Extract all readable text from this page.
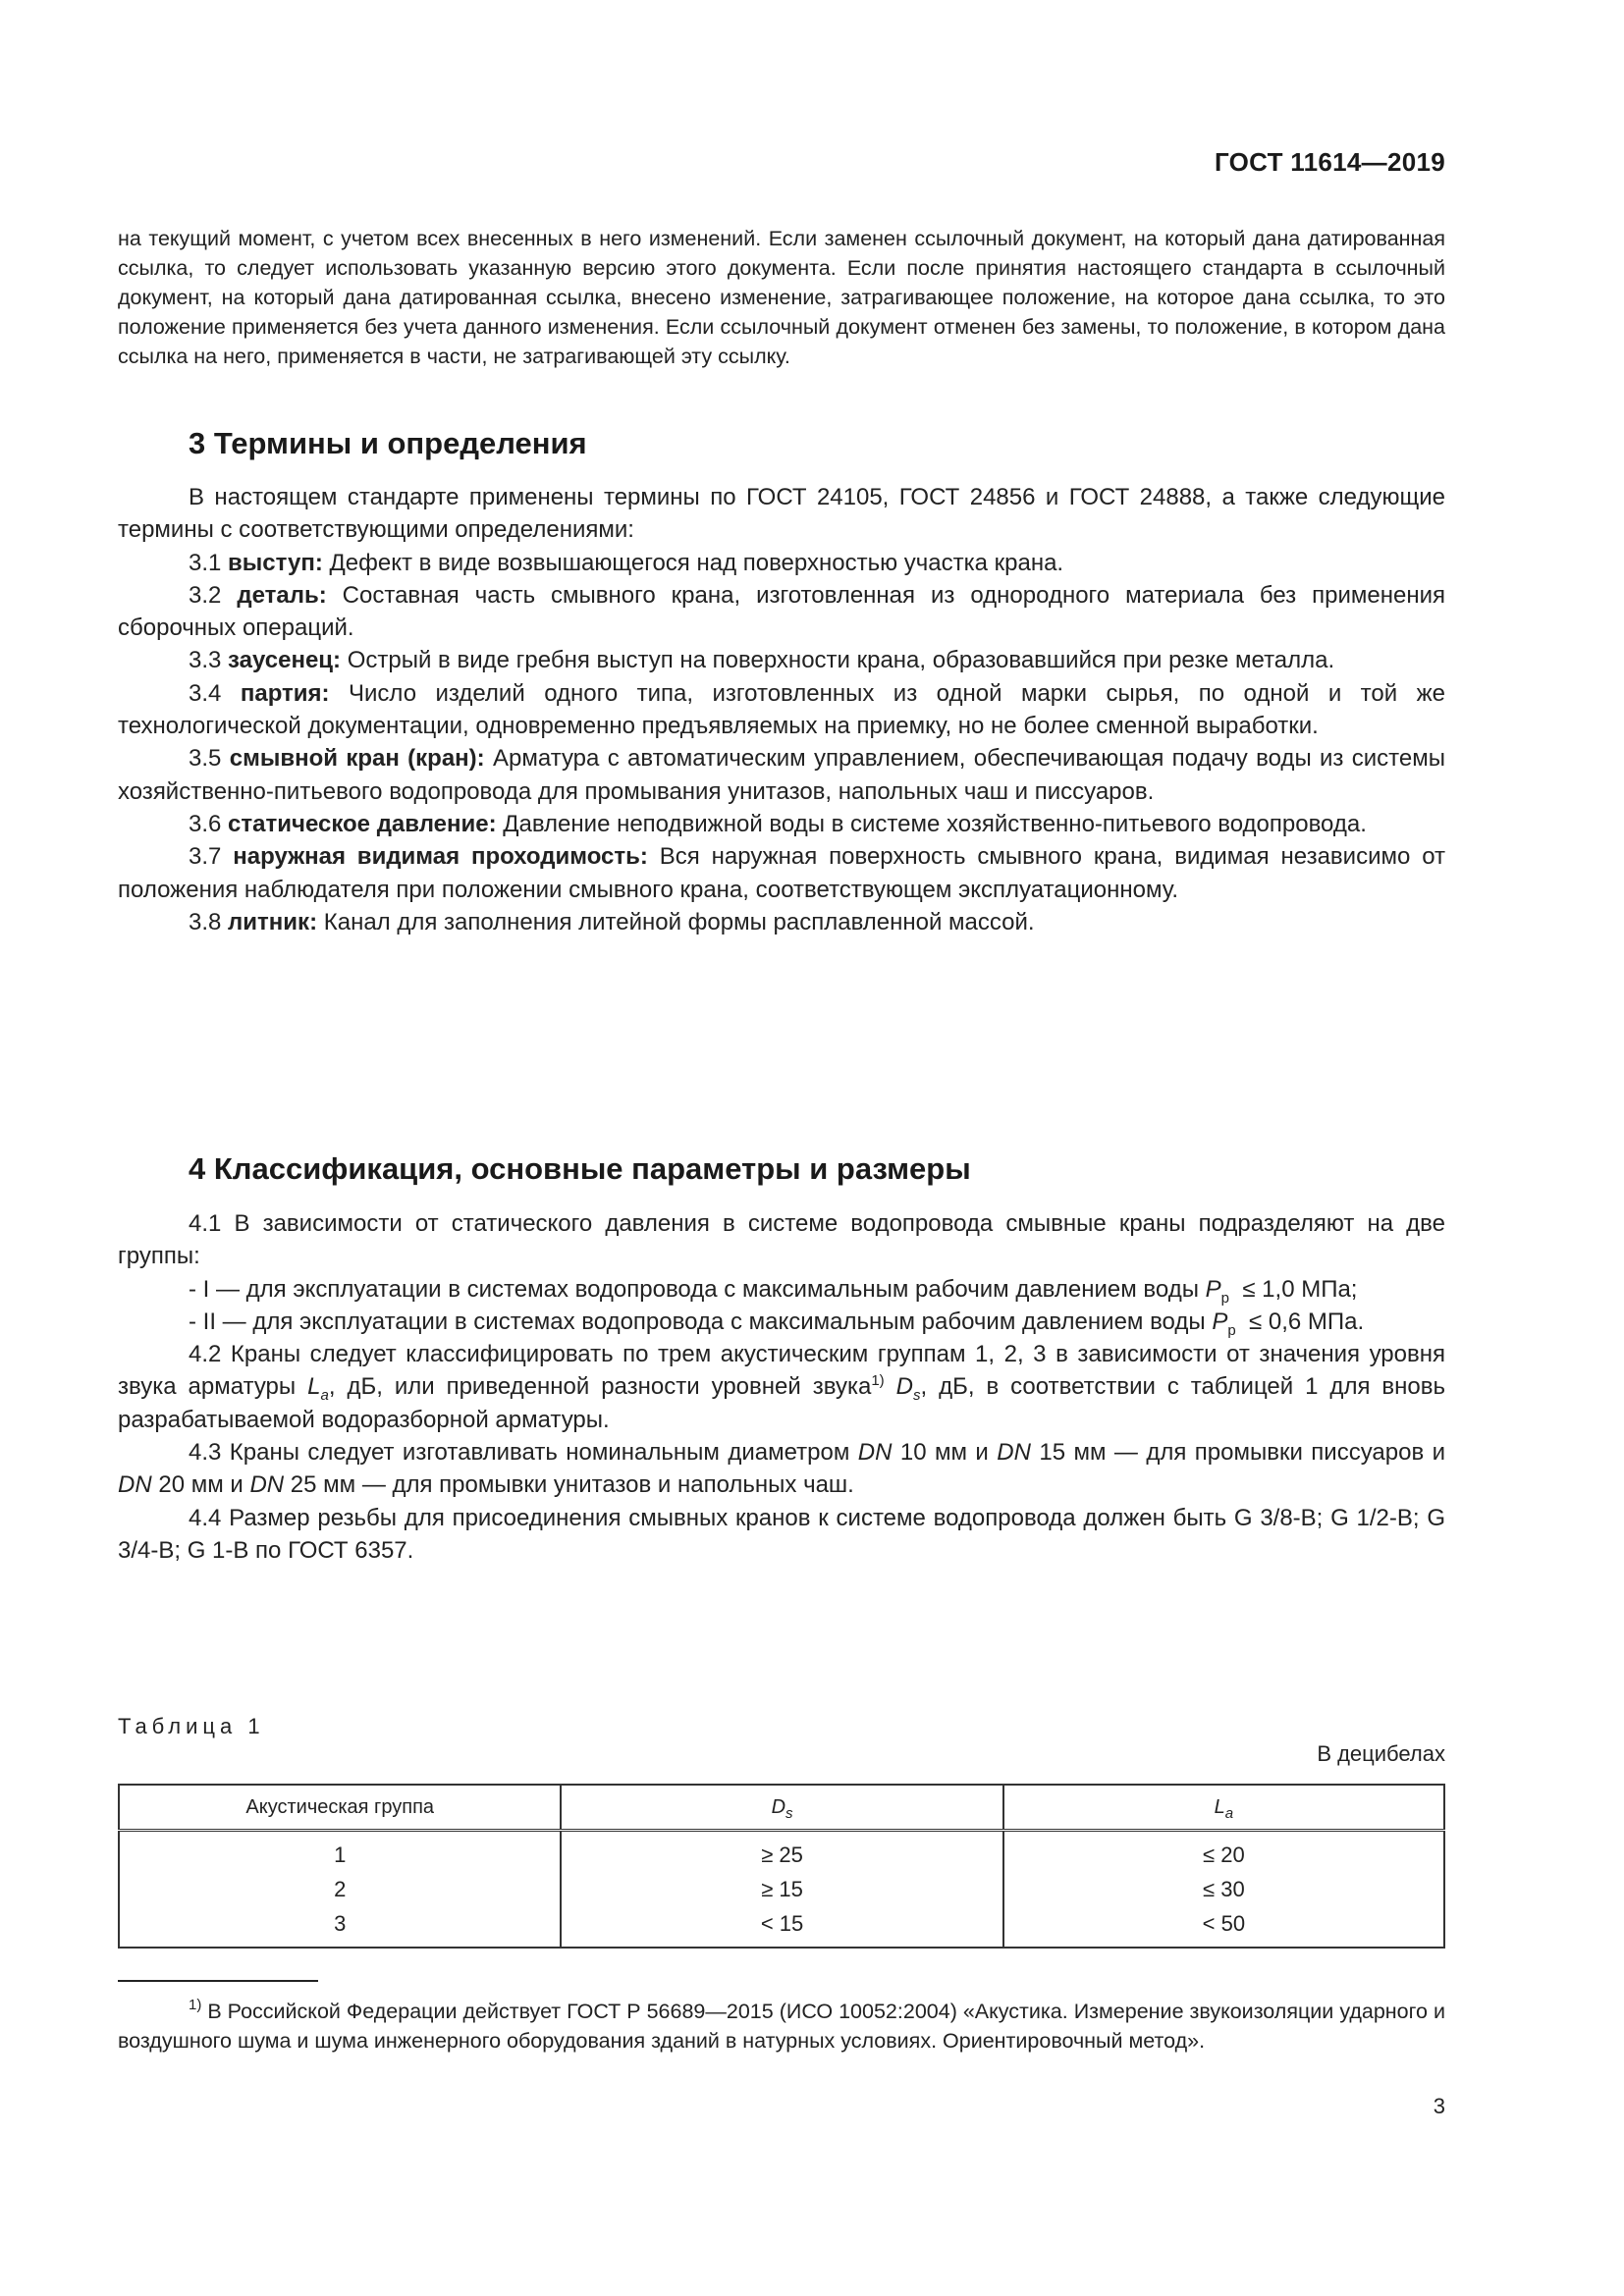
ГОСТ 11614—2019

на текущий момент, с учетом всех внесенных в него изменений. Если заменен ссылочный документ, на который дана датированная ссылка, то следует использовать указанную версию этого документа. Если после принятия настоящего стандарта в ссылочный документ, на который дана датированная ссылка, внесено изменение, затрагивающее положение, на которое дана ссылка, то это положение применяется без учета данного изменения. Если ссылочный документ отменен без замены, то положение, в котором дана ссылка на него, применяется в части, не затрагивающей эту ссылку.

3 Термины и определения

В настоящем стандарте применены термины по ГОСТ 24105, ГОСТ 24856 и ГОСТ 24888, а также следующие термины с соответствующими определениями:

3.1 выступ: Дефект в виде возвышающегося над поверхностью участка крана.

3.2 деталь: Составная часть смывного крана, изготовленная из однородного материала без применения сборочных операций.

3.3 заусенец: Острый в виде гребня выступ на поверхности крана, образовавшийся при резке металла.

3.4 партия: Число изделий одного типа, изготовленных из одной марки сырья, по одной и той же технологической документации, одновременно предъявляемых на приемку, но не более сменной выработки.

3.5 смывной кран (кран): Арматура с автоматическим управлением, обеспечивающая подачу воды из системы хозяйственно-питьевого водопровода для промывания унитазов, напольных чаш и писсуаров.

3.6 статическое давление: Давление неподвижной воды в системе хозяйственно-питьевого водопровода.

3.7 наружная видимая проходимость: Вся наружная поверхность смывного крана, видимая независимо от положения наблюдателя при положении смывного крана, соответствующем эксплуатационному.

3.8 литник: Канал для заполнения литейной формы расплавленной массой.

4 Классификация, основные параметры и размеры

4.1 В зависимости от статического давления в системе водопровода смывные краны подразделяют на две группы:

- I — для эксплуатации в системах водопровода с максимальным рабочим давлением воды $P_р \le 1,0$ МПа;

- II — для эксплуатации в системах водопровода с максимальным рабочим давлением воды $P_р \le 0,6$ МПа.

4.2 Краны следует классифицировать по трем акустическим группам 1, 2, 3 в зависимости от значения уровня звука арматуры $L_a$, дБ, или приведенной разности уровней звука$^{1)}$ $D_s$, дБ, в соответствии с таблицей 1 для вновь разрабатываемой водоразборной арматуры.

4.3 Краны следует изготавливать номинальным диаметром DN 10 мм и DN 15 мм — для промывки писсуаров и DN 20 мм и DN 25 мм — для промывки унитазов и напольных чаш.

4.4 Размер резьбы для присоединения смывных кранов к системе водопровода должен быть G 3/8-B; G 1/2-B; G 3/4-B; G 1-B по ГОСТ 6357.

Таблица 1
В децибелах
Акустическая группа	$D_s$	$L_a$
1	≥ 25	≤ 20
2	≥ 15	≤ 30
3	< 15	< 50

$^{1)}$ В Российской Федерации действует ГОСТ Р 56689—2015 (ИСО 10052:2004) «Акустика. Измерение звукоизоляции ударного и воздушного шума и шума инженерного оборудования зданий в натурных условиях. Ориентировочный метод».

3
